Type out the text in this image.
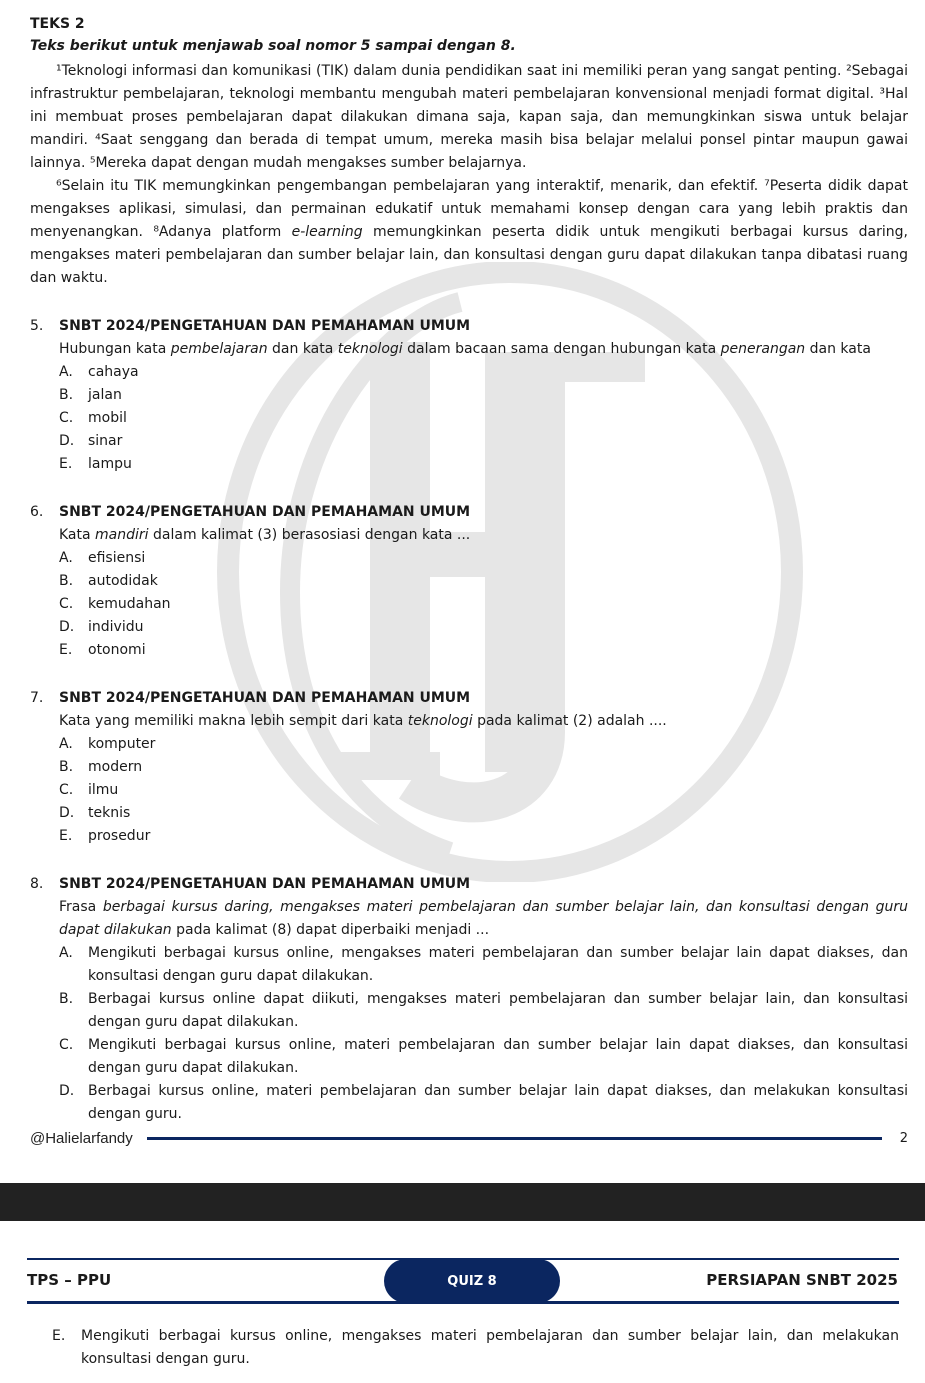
TEKS 2

Teks berikut untuk menjawab soal nomor 5 sampai dengan 8.

¹Teknologi informasi dan komunikasi (TIK) dalam dunia pendidikan saat ini memiliki peran yang sangat penting. ²Sebagai infrastruktur pembelajaran, teknologi membantu mengubah materi pembelajaran konvensional menjadi format digital. ³Hal ini membuat proses pembelajaran dapat dilakukan dimana saja, kapan saja, dan memungkinkan siswa untuk belajar mandiri. ⁴Saat senggang dan berada di tempat umum, mereka masih bisa belajar melalui ponsel pintar maupun gawai lainnya. ⁵Mereka dapat dengan mudah mengakses sumber belajarnya.

⁶Selain itu TIK memungkinkan pengembangan pembelajaran yang interaktif, menarik, dan efektif. ⁷Peserta didik dapat mengakses aplikasi, simulasi, dan permainan edukatif untuk memahami konsep dengan cara yang lebih praktis dan menyenangkan. ⁸Adanya platform e-learning memungkinkan peserta didik untuk mengikuti berbagai kursus daring, mengakses materi pembelajaran dan sumber belajar lain, dan konsultasi dengan guru dapat dilakukan tanpa dibatasi ruang dan waktu.

5.	SNBT 2024/PENGETAHUAN DAN PEMAHAMAN UMUM
Hubungan kata pembelajaran dan kata teknologi dalam bacaan sama dengan hubungan kata penerangan dan kata
A.	cahaya
B.	jalan
C.	mobil
D. sinar
E.	lampu
6.	SNBT 2024/PENGETAHUAN DAN PEMAHAMAN UMUM
Kata mandiri dalam kalimat (3) berasosiasi dengan kata ...
A.	efisiensi
B.	autodidak
C.	kemudahan
D. individu
E.	otonomi
7.	SNBT 2024/PENGETAHUAN DAN PEMAHAMAN UMUM
Kata yang memiliki makna lebih sempit dari kata teknologi pada kalimat (2) adalah ....
A.	komputer
B.	modern
C.	ilmu
D. teknis
E.	prosedur
8.	SNBT 2024/PENGETAHUAN DAN PEMAHAMAN UMUM
Frasa berbagai kursus daring, mengakses materi pembelajaran dan sumber belajar lain, dan konsultasi dengan guru dapat dilakukan pada kalimat (8) dapat diperbaiki menjadi ...
A.	Mengikuti berbagai kursus online, mengakses materi pembelajaran dan sumber belajar lain dapat diakses, dan konsultasi dengan guru dapat dilakukan.
B.	Berbagai kursus online dapat diikuti, mengakses materi pembelajaran dan sumber belajar lain, dan konsultasi dengan guru dapat dilakukan.
C.	Mengikuti berbagai kursus online, materi pembelajaran dan sumber belajar lain dapat diakses, dan konsultasi dengan guru dapat dilakukan.
D. Berbagai kursus online, materi pembelajaran dan sumber belajar lain dapat diakses, dan melakukan konsultasi dengan guru.
@Halielarfandy	2
TPS – PPU	QUIZ 8	PERSIAPAN SNBT 2025
E.	Mengikuti berbagai kursus online, mengakses materi pembelajaran dan sumber belajar lain, dan melakukan konsultasi dengan guru.
